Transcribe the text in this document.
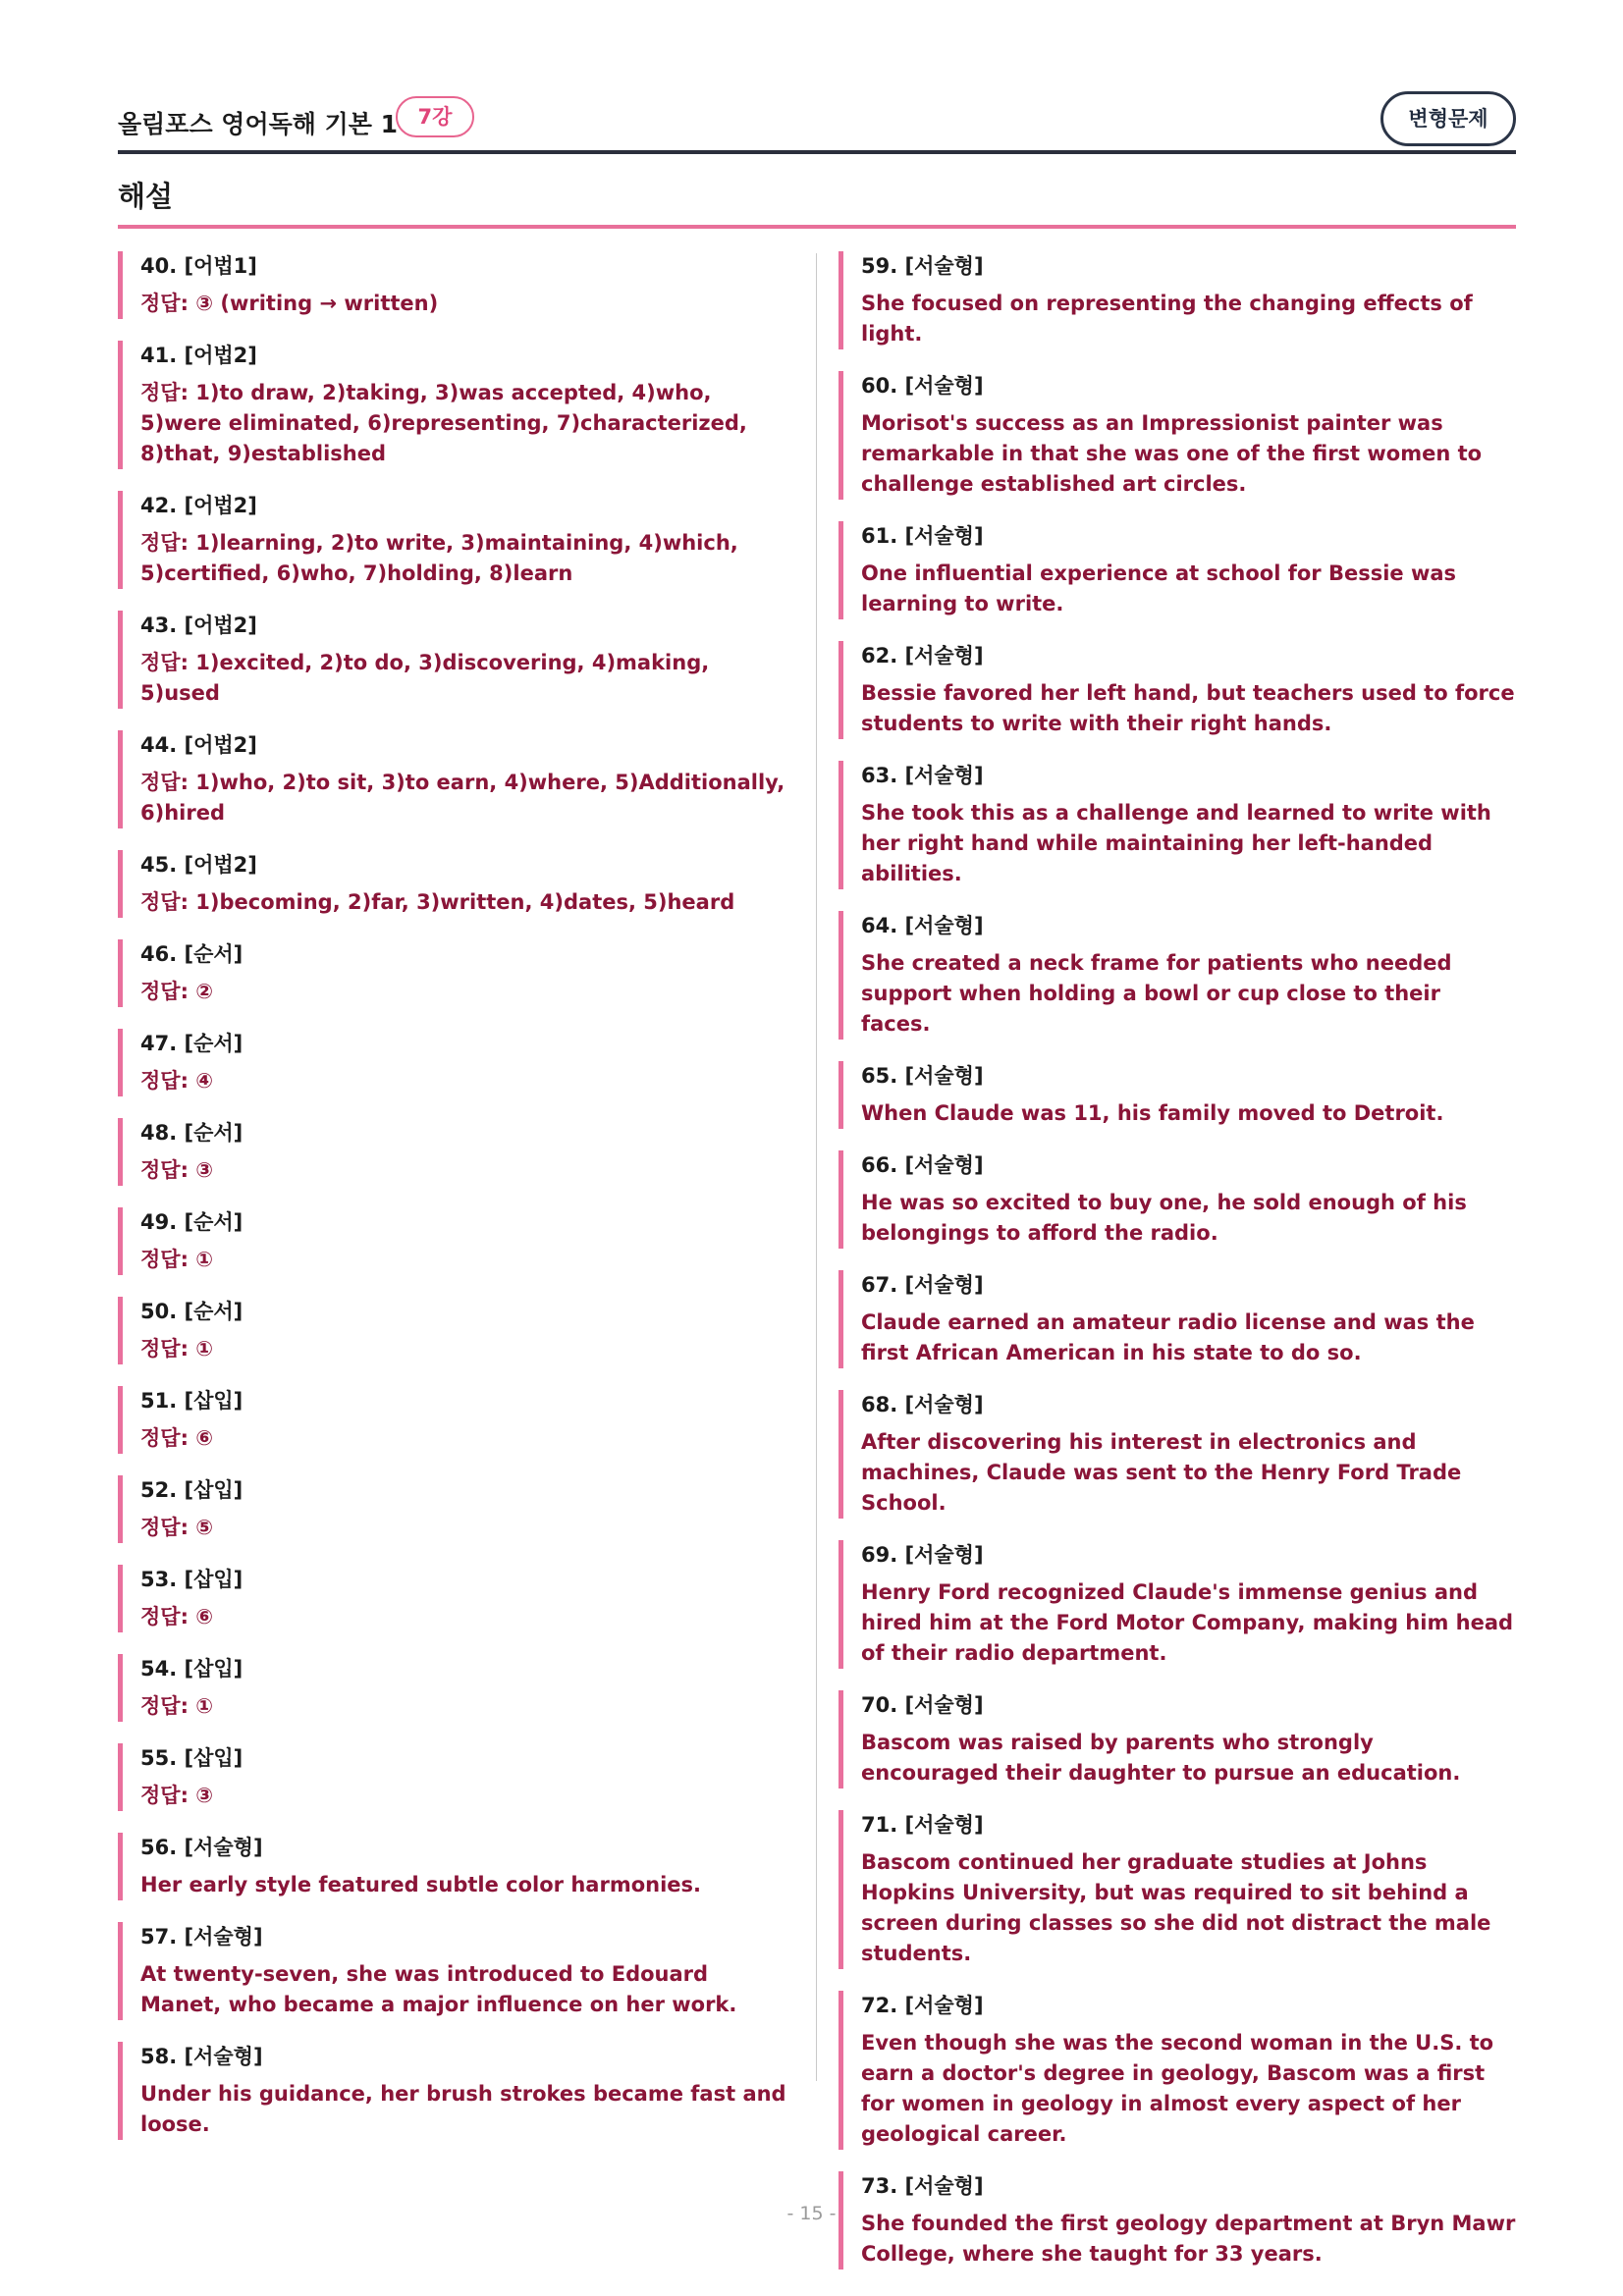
올림포스 영어독해 기본 1 7강	변형문제
해설
40. [어법1]
정답: ③ (writing → written)
41. [어법2]
정답: 1)to draw, 2)taking, 3)was accepted, 4)who, 5)were eliminated, 6)representing, 7)characterized, 8)that, 9)established
42. [어법2]
정답: 1)learning, 2)to write, 3)maintaining, 4)which, 5)certified, 6)who, 7)holding, 8)learn
43. [어법2]
정답: 1)excited, 2)to do, 3)discovering, 4)making, 5)used
44. [어법2]
정답: 1)who, 2)to sit, 3)to earn, 4)where, 5)Additionally, 6)hired
45. [어법2]
정답: 1)becoming, 2)far, 3)written, 4)dates, 5)heard
46. [순서]
정답: ②
47. [순서]
정답: ④
48. [순서]
정답: ③
49. [순서]
정답: ①
50. [순서]
정답: ①
51. [삽입]
정답: ⑥
52. [삽입]
정답: ⑤
53. [삽입]
정답: ⑥
54. [삽입]
정답: ①
55. [삽입]
정답: ③
56. [서술형]
Her early style featured subtle color harmonies.
57. [서술형]
At twenty-seven, she was introduced to Edouard Manet, who became a major influence on her work.
58. [서술형]
Under his guidance, her brush strokes became fast and loose.
59. [서술형]
She focused on representing the changing effects of light.
60. [서술형]
Morisot's success as an Impressionist painter was remarkable in that she was one of the first women to challenge established art circles.
61. [서술형]
One influential experience at school for Bessie was learning to write.
62. [서술형]
Bessie favored her left hand, but teachers used to force students to write with their right hands.
63. [서술형]
She took this as a challenge and learned to write with her right hand while maintaining her left-handed abilities.
64. [서술형]
She created a neck frame for patients who needed support when holding a bowl or cup close to their faces.
65. [서술형]
When Claude was 11, his family moved to Detroit.
66. [서술형]
He was so excited to buy one, he sold enough of his belongings to afford the radio.
67. [서술형]
Claude earned an amateur radio license and was the first African American in his state to do so.
68. [서술형]
After discovering his interest in electronics and machines, Claude was sent to the Henry Ford Trade School.
69. [서술형]
Henry Ford recognized Claude's immense genius and hired him at the Ford Motor Company, making him head of their radio department.
70. [서술형]
Bascom was raised by parents who strongly encouraged their daughter to pursue an education.
71. [서술형]
Bascom continued her graduate studies at Johns Hopkins University, but was required to sit behind a screen during classes so she did not distract the male students.
72. [서술형]
Even though she was the second woman in the U.S. to earn a doctor's degree in geology, Bascom was a first for women in geology in almost every aspect of her geological career.
73. [서술형]
She founded the first geology department at Bryn Mawr College, where she taught for 33 years.
- 15 -
